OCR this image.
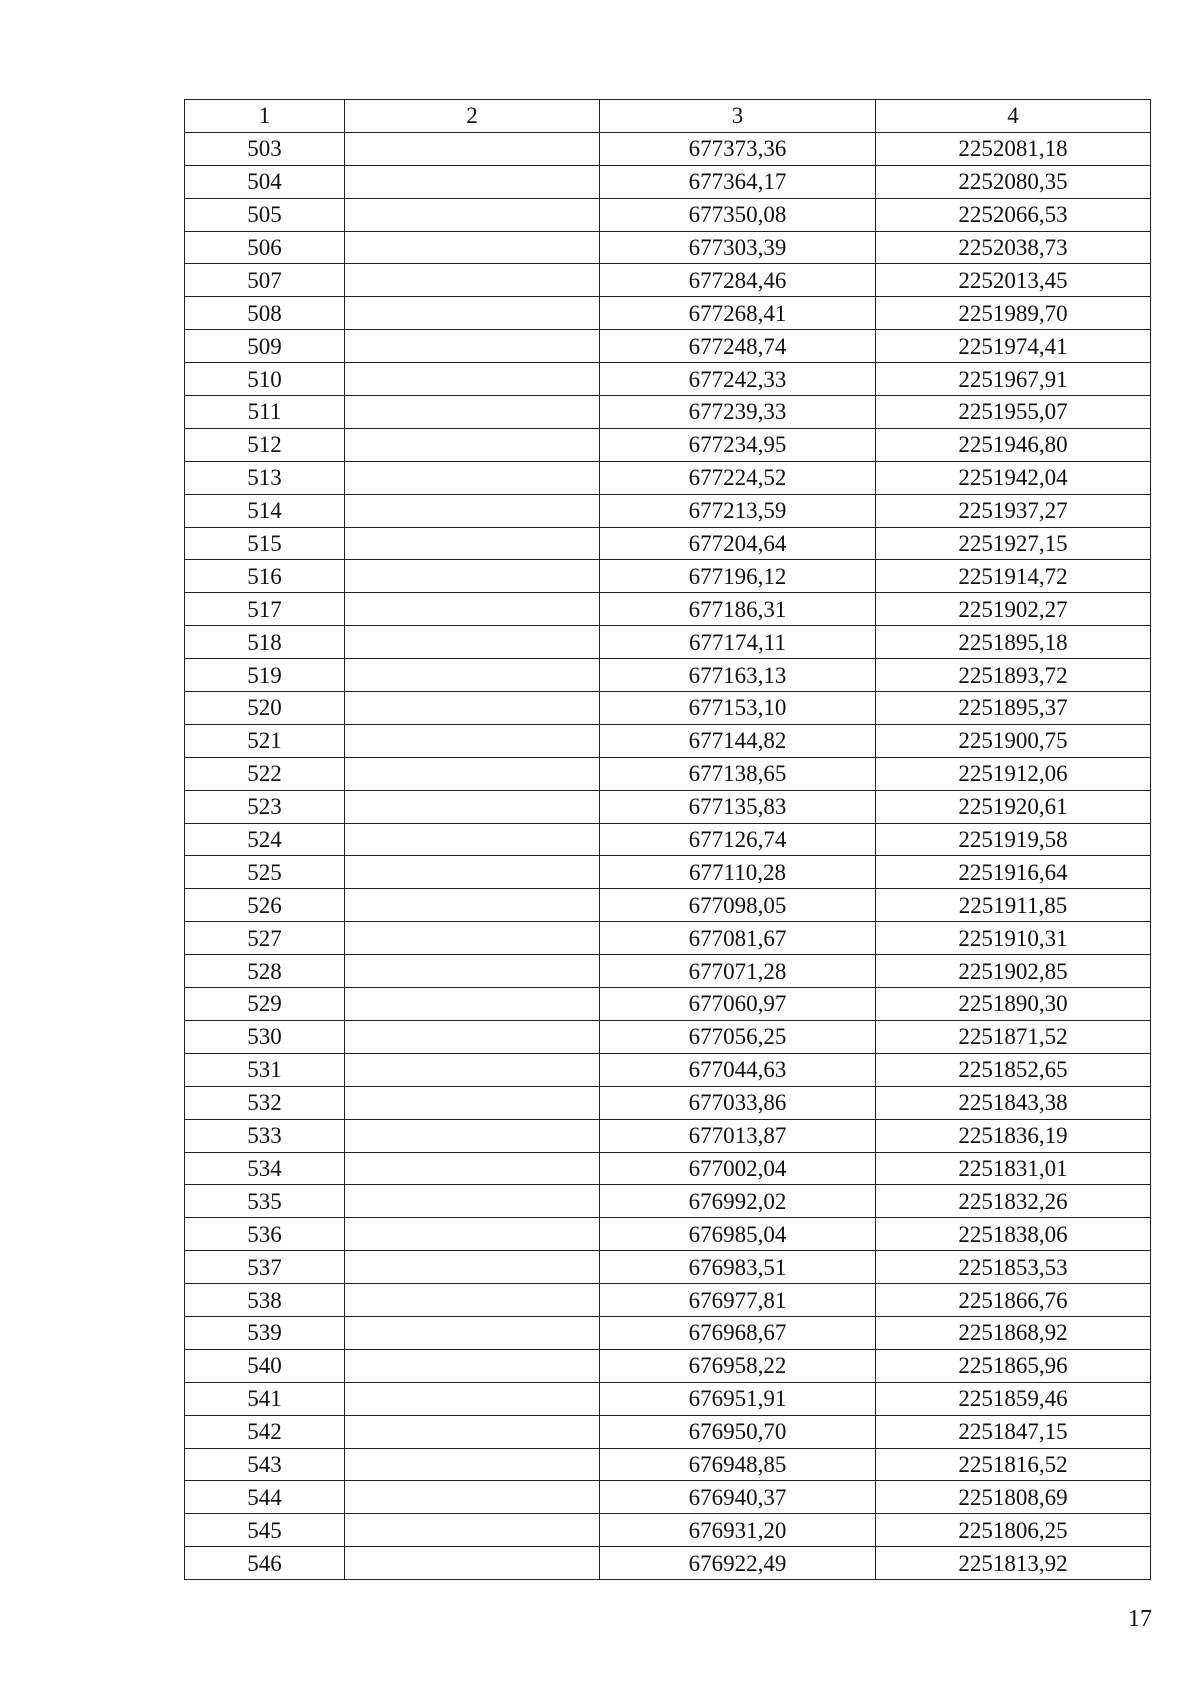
1	2	3	4
503		677373,36	2252081,18
504		677364,17	2252080,35
505		677350,08	2252066,53
506		677303,39	2252038,73
507		677284,46	2252013,45
508		677268,41	2251989,70
509		677248,74	2251974,41
510		677242,33	2251967,91
511		677239,33	2251955,07
512		677234,95	2251946,80
513		677224,52	2251942,04
514		677213,59	2251937,27
515		677204,64	2251927,15
516		677196,12	2251914,72
517		677186,31	2251902,27
518		677174,11	2251895,18
519		677163,13	2251893,72
520		677153,10	2251895,37
521		677144,82	2251900,75
522		677138,65	2251912,06
523		677135,83	2251920,61
524		677126,74	2251919,58
525		677110,28	2251916,64
526		677098,05	2251911,85
527		677081,67	2251910,31
528		677071,28	2251902,85
529		677060,97	2251890,30
530		677056,25	2251871,52
531		677044,63	2251852,65
532		677033,86	2251843,38
533		677013,87	2251836,19
534		677002,04	2251831,01
535		676992,02	2251832,26
536		676985,04	2251838,06
537		676983,51	2251853,53
538		676977,81	2251866,76
539		676968,67	2251868,92
540		676958,22	2251865,96
541		676951,91	2251859,46
542		676950,70	2251847,15
543		676948,85	2251816,52
544		676940,37	2251808,69
545		676931,20	2251806,25
546		676922,49	2251813,92
17
